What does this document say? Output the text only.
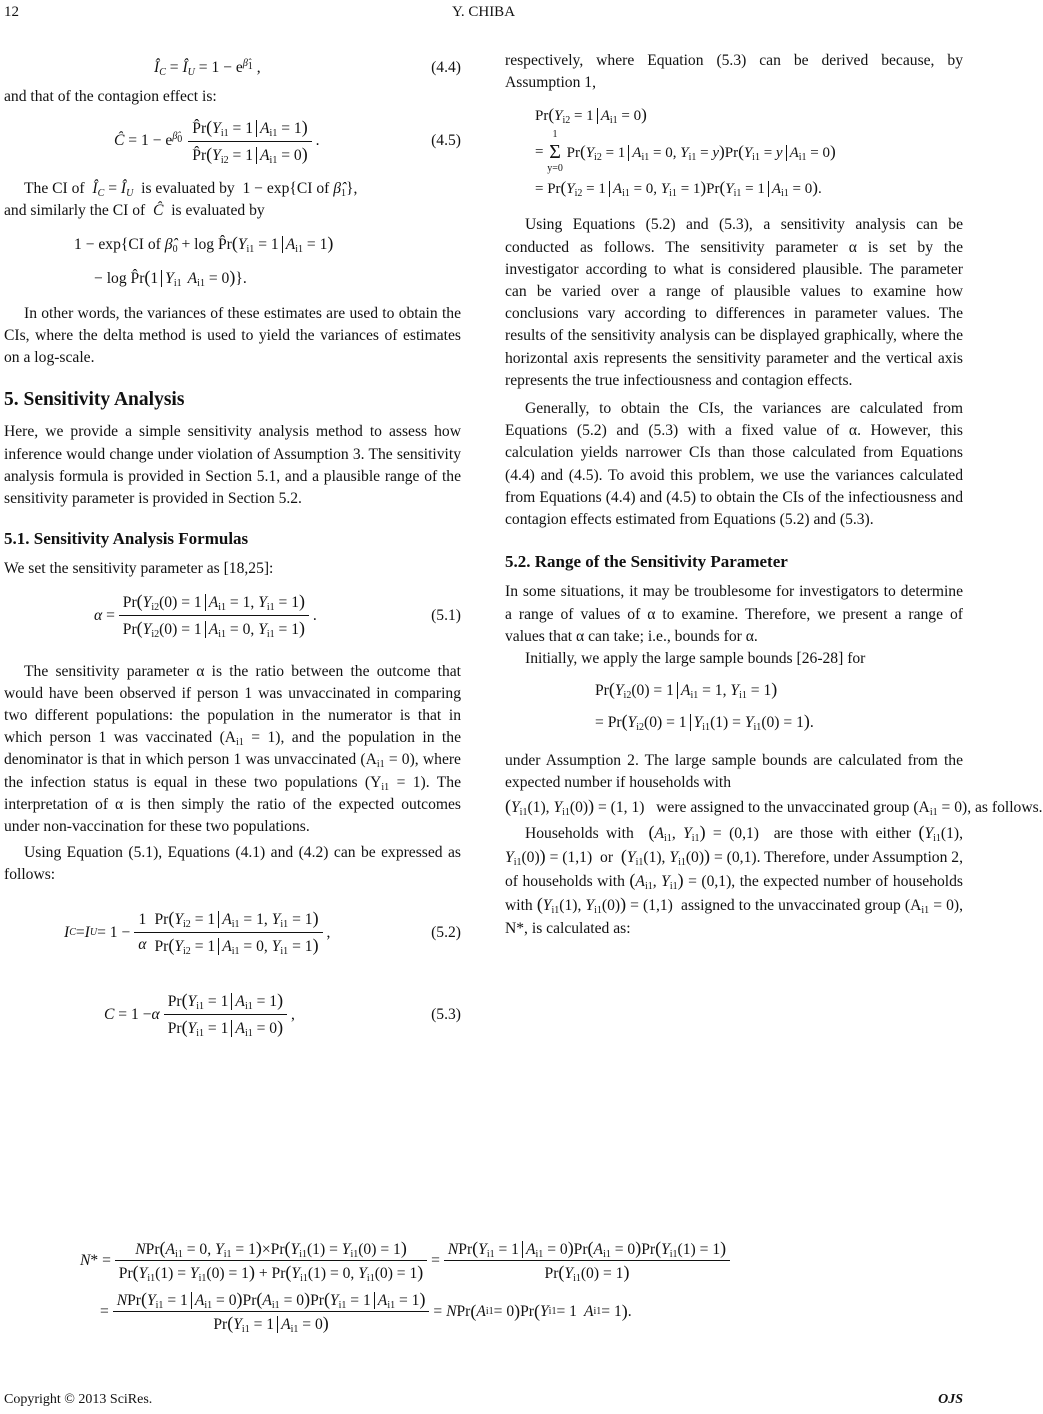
12	Y. CHIBA
$Î_C$ = $Î_U = 1 - e^{\betâ_1}$ ,	(4.4)

and that of the contagion effect is:

Ĉ = $1 - e^{\betâ_0} \frac{P̂r(Y_{i1} = 1 A_{i1} = 1)}{P̂r(Y_{i2} = 1 A_{i1} = 0)}$ .	(4.5)

The CI of $Î_C$ = $Î_U$ is evaluated by  1 − exp{CI of $\betâ_1$},

and similarly the CI of Ĉ is evaluated by

1 − exp{CI of $\betâ_0 + \log$ $P̂r(Y_{i1} = 1$ $A_{i1} = 1$)
− log P̂r(1 $Y_{i1}$ $A_{i1} = 0$)}.

In other words, the variances of these estimates are used to obtain the CIs, where the delta method is used to yield the variances of estimates on a log-scale.

5. Sensitivity Analysis

Here, we provide a simple sensitivity analysis method to assess how inference would change under violation of Assumption 3. The sensitivity analysis formula is provided in Section 5.1, and a plausible range of the sensitivity parameter is provided in Section 5.2.

5.1. Sensitivity Analysis Formulas

We set the sensitivity parameter as [18,25]:

$\alpha = \frac{Pr(Y_{i2}(0) = 1 A_{i1} = 1, Y_{i1} = 1)}{Pr(Y_{i2}(0) = 1 A_{i1} = 0, Y_{i1} = 1)}$ .	(5.1)

The sensitivity parameter α is the ratio between the outcome that would have been observed if person 1 was unvaccinated in comparing two different populations: the population in the numerator is that in which person 1 was vaccinated $(A_{i1} = 1)$, and the population in the denominator is that in which person 1 was unvaccinated $(A_{i1} = 0)$, where the infection status is equal in these two populations $(Y_{i1} = 1)$. The interpretation of α is then simply the ratio of the expected outcomes under non-vaccination for these two populations.

Using Equation (5.1), Equations (4.1) and (4.2) can be expressed as follows:

I C = I $U = 1 - \frac{1}{\alpha} \frac{Pr(Y_{i2} = 1 A_{i1} = 1, Y_{i1} = 1)}{Pr(Y_{i2} = 1 A_{i1} = 0, Y_{i1} = 1)}$ ,	(5.2)
C = 1 − α $\frac{Pr(Y_{i1} = 1 A_{i1} = 1)}{Pr(Y_{i1} = 1 A_{i1} = 0)}$ ,	(5.3)

respectively, where Equation (5.3) can be derived because, by Assumption 1,

$Pr(Y_{i2} = 1$ $A_{i1} = 0$)
=
1
Σ
y=0
$Pr(Y_{i2} = 1$ $A_{i1} = 0$, $Y_{i1} = y)Pr(Y_{i1} = y$ $A_{i1} = 0$)
= $Pr(Y_{i2} = 1$ $A_{i1} = 0$, $Y_{i1} = 1)Pr(Y_{i1} = 1$ $A_{i1} = 0$).

Using Equations (5.2) and (5.3), a sensitivity analysis can be conducted as follows. The sensitivity parameter α is set by the investigator according to what is considered plausible. The parameter can be varied over a range of plausible values to examine how conclusions vary according to differences in parameter values. The results of the sensitivity analysis can be displayed graphically, where the horizontal axis represents the sensitivity parameter and the vertical axis represents the true infectiousness and contagion effects.

Generally, to obtain the CIs, the variances are calculated from Equations (5.2) and (5.3) with a fixed value of α. However, this calculation yields narrower CIs than those calculated from Equations (4.4) and (4.5). To avoid this problem, we use the variances calculated from Equations (4.4) and (4.5) to obtain the CIs of the infectiousness and contagion effects estimated from Equations (5.2) and (5.3).

5.2. Range of the Sensitivity Parameter

In some situations, it may be troublesome for investigators to determine a range of values of α to examine. Therefore, we present a range of values that α can take; i.e., bounds for α.

Initially, we apply the large sample bounds [26-28] for

$Pr(Y_{i2}(0) = 1$ $A_{i1} = 1$, $Y_{i1} = 1$)
= $Pr(Y_{i2}(0) = 1$ $Y_{i1}(1) = Y_{i1}(0) = 1$).

under Assumption 2. The large sample bounds are calculated from the expected number if households with
($Y_{i1}(1)$, $Y_{i1}(0)) = (1$, 1)   were assigned to the unvaccinated group $(A_{i1} = 0)$, as follows.

Households with ($A_{i1}$, $Y_{i1}) = (0,1)$  are those with either ($Y_{i1}(1)$, $Y_{i1}(0)) = (1,1)$  or ($Y_{i1}(1)$, $Y_{i1}(0)) = (0,1)$. Therefore, under Assumption 2, of households with ($A_{i1}$, $Y_{i1}) = (0,1)$, the expected number of households with ($Y_{i1}(1)$, $Y_{i1}(0)) = (1,1)$  assigned to the unvaccinated group $(A_{i1} = 0)$, N*, is calculated as:

N * = $\frac{NPr(A_{i1} = 0, Y_{i1} = 1)\times Pr(Y_{i1}(1) = Y_{i1}(0) = 1)}{Pr(Y_{i1}(1) = Y_{i1}(0) = 1) + Pr(Y_{i1}(1) = 0, Y_{i1}(0) = 1)} = \frac{NPr(Y_{i1} = 1 A_{i1} = 0)Pr(A_{i1} = 0)Pr(Y_{i1}(1) = 1)}{Pr(Y_{i1}(0) = 1)}$
= $\frac{NPr(Y_{i1} = 1 A_{i1} = 0)Pr(A_{i1} = 0)Pr(Y_{i1} = 1 A_{i1} = 1)}{Pr(Y_{i1} = 1 A_{i1} = 0)} = N$ Pr ( A i1 = 0 ) Pr ( Y i1 = 1 A i1 = 1 ) .
Copyright © 2013 SciRes.	OJS
